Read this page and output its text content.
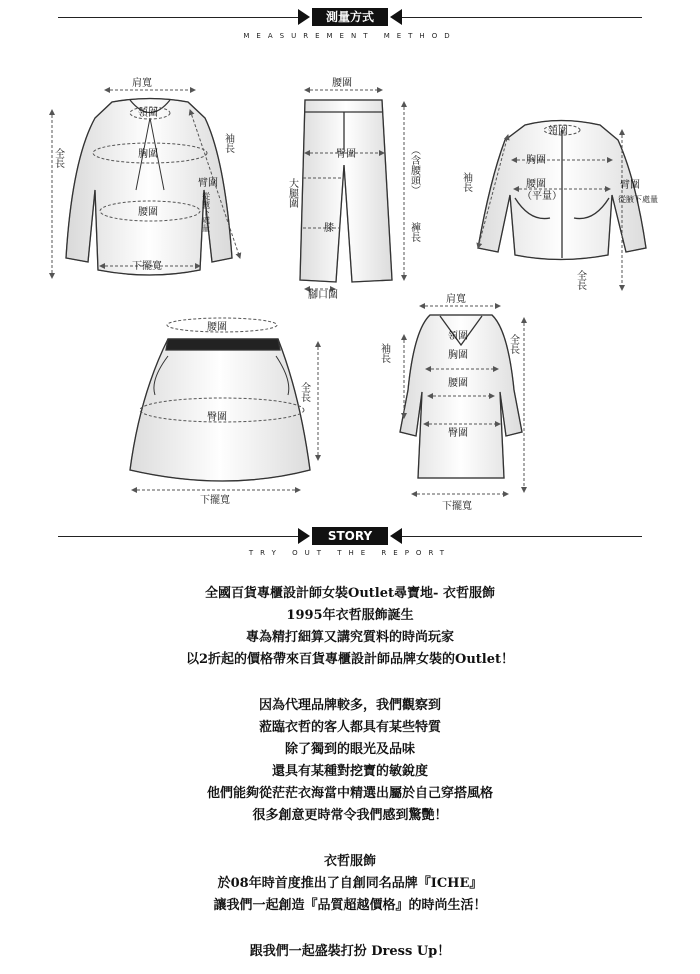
測量方式
MEASUREMENT METHOD
肩寬
領圍
胸圍
腰圍
下擺寬
袖長
全長
臂圍
從腋下處量
腰圍
臀圍
大腿圍
膝
腳口圍
（含腰頭）
褲長
領圍
胸圍
腰圍
（平量）
袖長	臂圍
從腋下處量
全長
腰圍
臀圍
下擺寬
全長
肩寬
領圍
胸圍
腰圍
臀圍
下擺寬
袖長	全長
STORY
TRY OUT THE REPORT
全國百貨專櫃設計師女裝Outlet尋寶地- 衣哲服飾
1995年衣哲服飾誕生
專為精打細算又講究質料的時尚玩家
以2折起的價格帶來百貨專櫃設計師品牌女裝的Outlet！
因為代理品牌較多，我們觀察到
蒞臨衣哲的客人都具有某些特質
除了獨到的眼光及品味
還具有某種對挖寶的敏銳度
他們能夠從茫茫衣海當中精選出屬於自己穿搭風格
很多創意更時常令我們感到驚艷！
衣哲服飾
於08年時首度推出了自創同名品牌『ICHE』
讓我們一起創造『品質超越價格』的時尚生活！
跟我們一起盛裝打扮 Dress Up！
